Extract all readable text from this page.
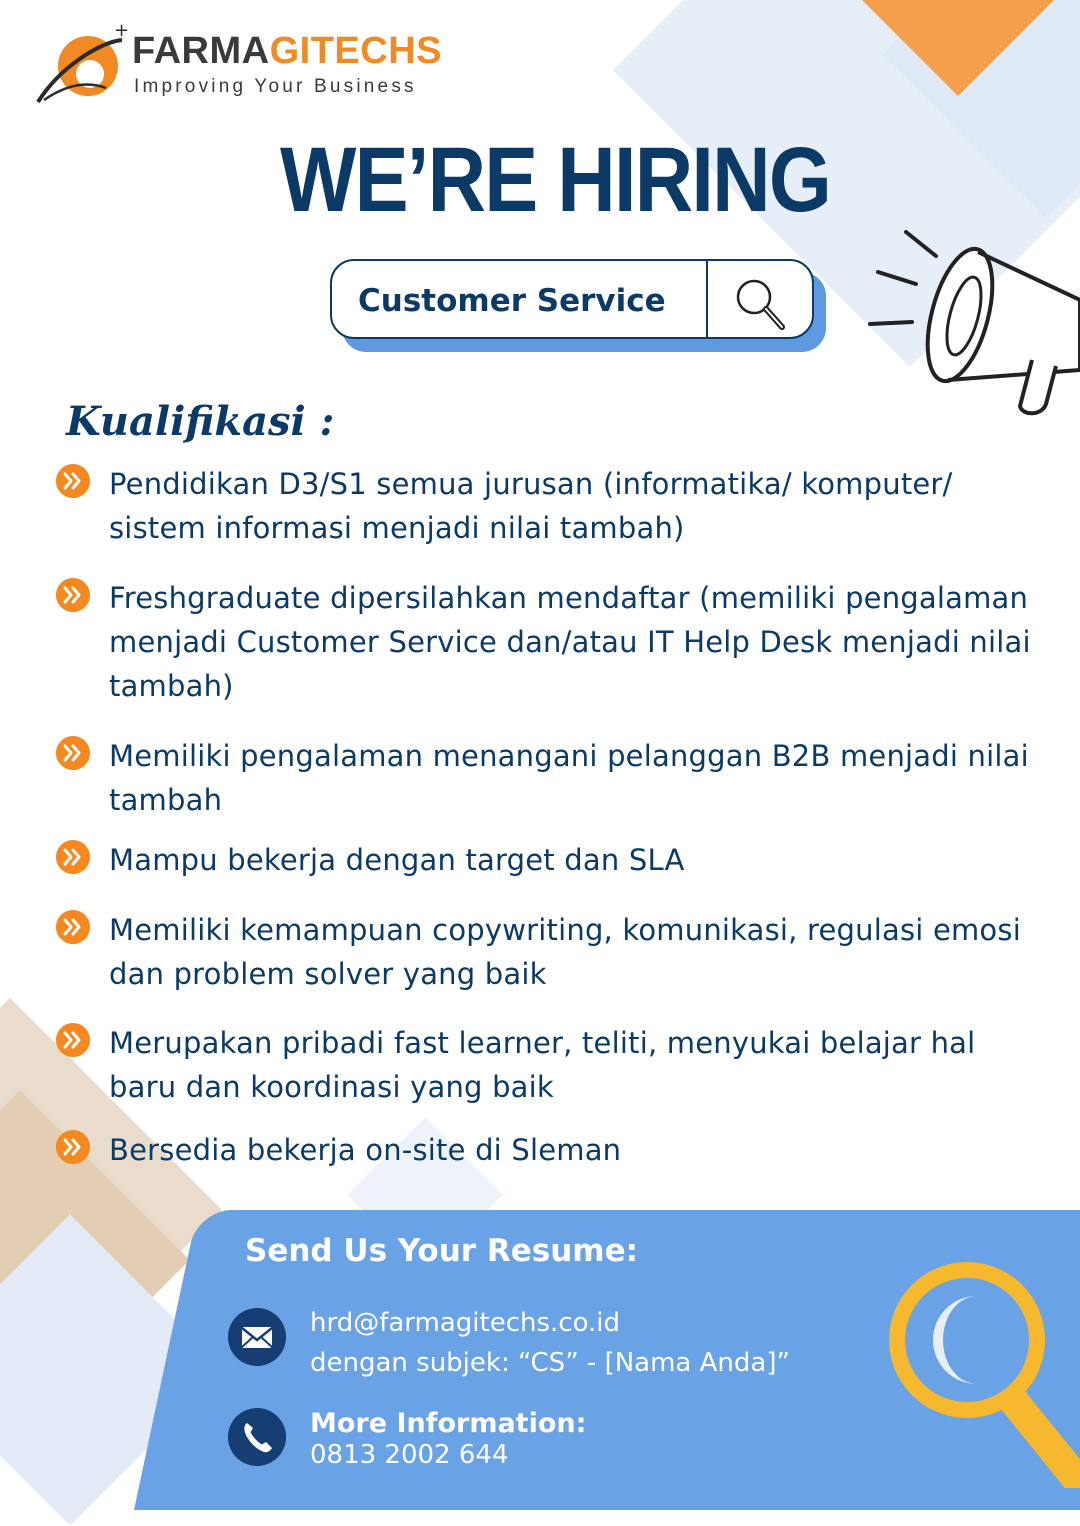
+ FARMAGITECHS
Improving Your Business
WE’RE HIRING
Customer Service
Kualifikasi :
Pendidikan D3/S1 semua jurusan (informatika/ komputer/ sistem informasi menjadi nilai tambah)
Freshgraduate dipersilahkan mendaftar (memiliki pengalaman menjadi Customer Service dan/atau IT Help Desk menjadi nilai tambah)
Memiliki pengalaman menangani pelanggan B2B menjadi nilai tambah
Mampu bekerja dengan target dan SLA
Memiliki kemampuan copywriting, komunikasi, regulasi emosi dan problem solver yang baik
Merupakan pribadi fast learner, teliti, menyukai belajar hal baru dan koordinasi yang baik
Bersedia bekerja on-site di Sleman
Send Us Your Resume:
hrd@farmagitechs.co.id
dengan subjek: “CS” - [Nama Anda]”
More Information:
0813 2002 644
